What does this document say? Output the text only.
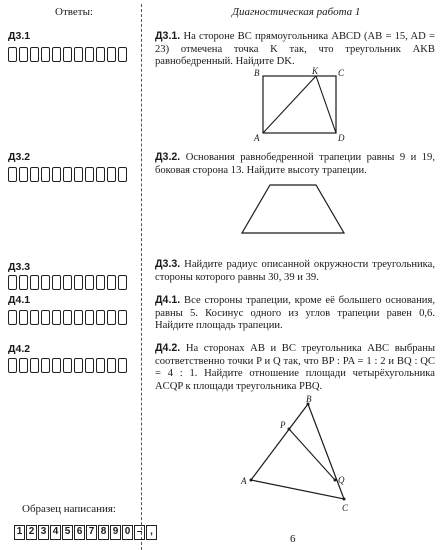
Ответы:	Диагностическая работа 1
Д3.1
Д3.2
Д3.3
Д4.1
Д4.2
Д3.1. На стороне BC прямоугольника ABCD (AB = 15, AD = 23) отмечена точка K так, что треугольник AKB равнобедренный. Найдите DK.
B	K C
A	D
Д3.2. Основания равнобедренной трапеции равны 9 и 19, боковая сторона 13. Найдите высоту трапеции.
Д3.3. Найдите радиус описанной окружности треугольника, стороны которого равны 30, 39 и 39.
Д4.1. Все стороны трапеции, кроме её большего основания, равны 5. Косинус одного из углов трапеции равен 0,6. Найдите площадь трапеции.
Д4.2. На сторонах AB и BC треугольника ABC выбраны соответственно точки P и Q так, что BP : PA = 1 : 2 и BQ : QC = 4 : 1. Найдите отношение площади четырёхугольника ACQP к площади треугольника PBQ.
B
P
A	Q
C
Образец написания:
1 2 3 4 5 6 7 8 9 0 – ,
6
